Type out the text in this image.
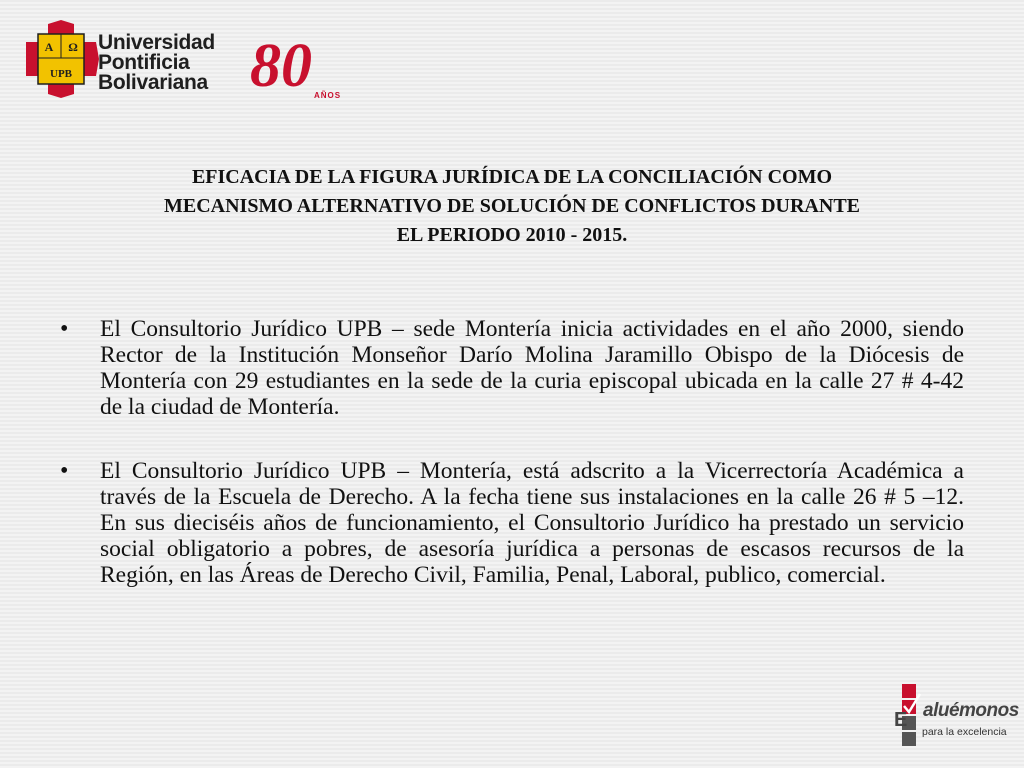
A Ω
UPB
Universidad
Pontificia
Bolivariana 80 AÑOS
EFICACIA DE LA FIGURA JURÍDICA DE LA CONCILIACIÓN COMO
MECANISMO ALTERNATIVO DE SOLUCIÓN DE CONFLICTOS DURANTE
EL PERIODO 2010 - 2015.
•	El Consultorio Jurídico UPB – sede Montería inicia actividades en el año 2000, siendo Rector de la Institución Monseñor Darío Molina Jaramillo Obispo de la Diócesis de Montería con 29 estudiantes en la sede de la curia episcopal ubicada en la calle 27 # 4-42 de la ciudad de Montería.
•	El Consultorio Jurídico UPB – Montería, está adscrito a la Vicerrectoría Académica a través de la Escuela de Derecho. A la fecha tiene sus instalaciones en la calle 26 # 5 –12. En sus dieciséis años de funcionamiento, el Consultorio Jurídico ha prestado un servicio social obligatorio a pobres, de asesoría jurídica a personas de escasos recursos de la Región, en las Áreas de Derecho Civil, Familia, Penal, Laboral, publico, comercial.
E aluémonos
para la excelencia
